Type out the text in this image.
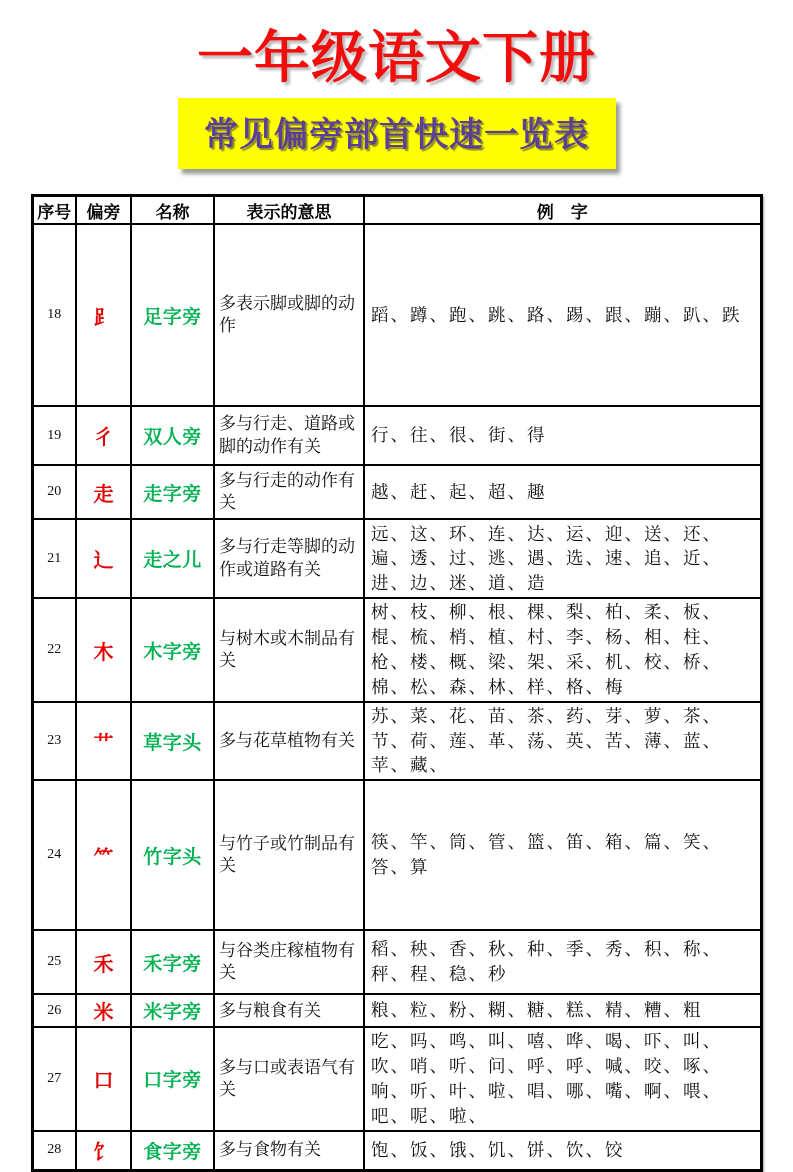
一年级语文下册
常见偏旁部首快速一览表
序号	偏旁	名称	表示的意思	例　字
18	⻊	足字旁	多表示脚或脚的动作	蹈、蹲、跑、跳、路、踢、跟、蹦、趴、跌
19	彳	双人旁	多与行走、道路或脚的动作有关	行、往、很、街、得
20	走	走字旁	多与行走的动作有关	越、赶、起、超、趣
21	辶	走之儿	多与行走等脚的动作或道路有关	远、这、环、连、达、运、迎、送、还、遍、透、过、逃、遇、选、速、追、近、进、边、迷、道、造
22	木	木字旁	与树木或木制品有关	树、枝、柳、根、棵、梨、柏、柔、板、棍、梳、梢、植、村、李、杨、相、柱、枪、楼、概、梁、架、采、机、校、桥、棉、松、森、林、样、格、梅
23	艹	草字头	多与花草植物有关	苏、菜、花、苗、茶、药、芽、萝、茶、节、荷、莲、革、荡、英、苦、薄、蓝、苹、藏、
24	⺮	竹字头	与竹子或竹制品有关	筷、竿、筒、管、篮、笛、箱、篇、笑、答、算
25	禾	禾字旁	与谷类庄稼植物有关	稻、秧、香、秋、种、季、秀、积、称、秤、程、稳、秒
26	米	米字旁	多与粮食有关	粮、粒、粉、糊、糖、糕、精、糟、粗
27	口	口字旁	多与口或表语气有关	吃、吗、鸣、叫、嘻、哗、喝、吓、叫、吹、哨、听、问、呼、呼、喊、咬、啄、响、听、叶、啦、唱、哪、嘴、啊、喂、吧、呢、啦、
28	饣	食字旁	多与食物有关	饱、饭、饿、饥、饼、饮、饺
